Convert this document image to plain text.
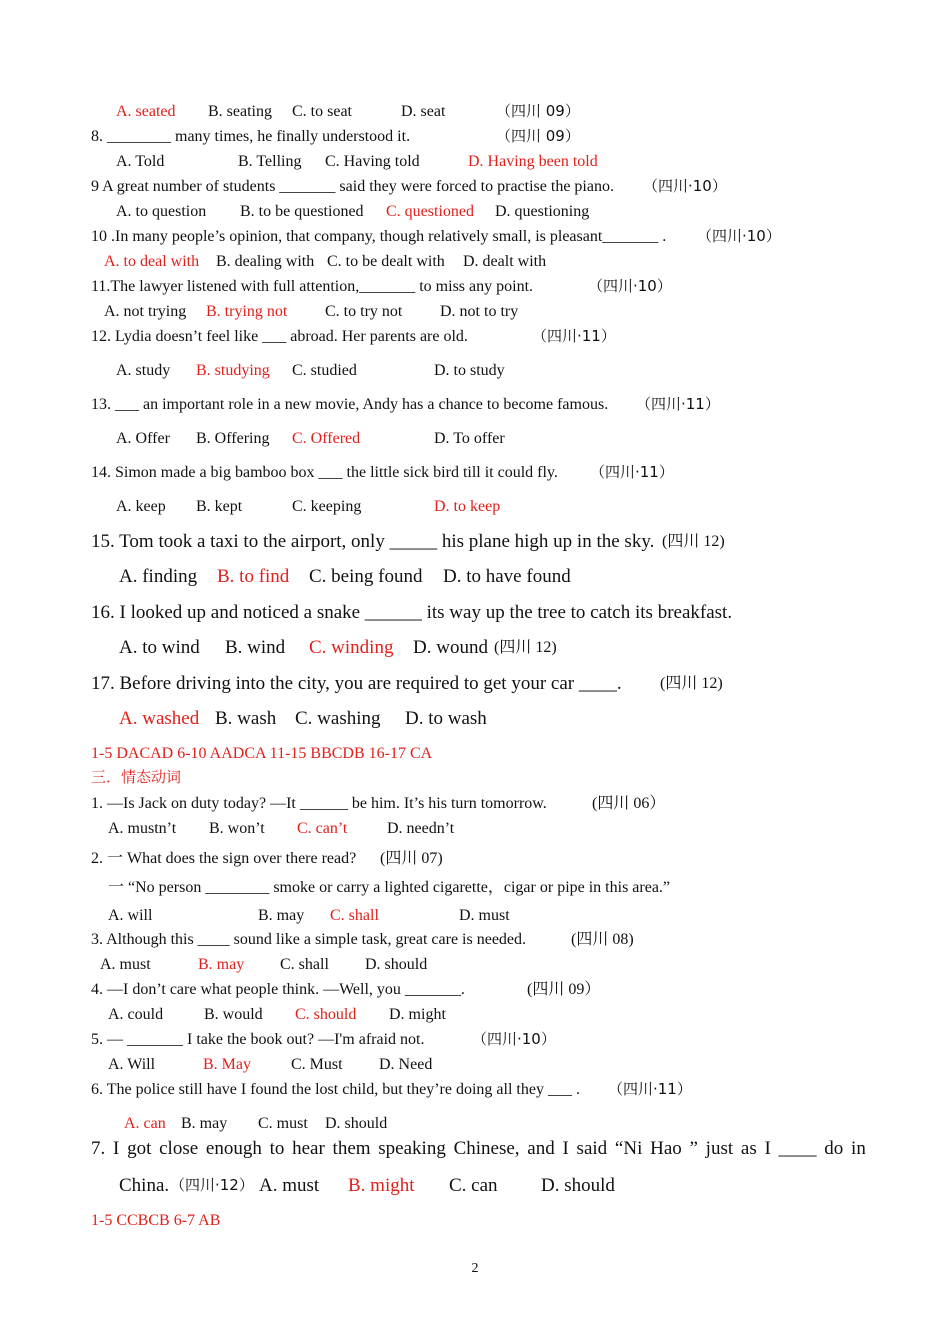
A. seated B. seating C. to seat	D. seat	（四川 09）
8. ________ many times, he finally understood it.	（四川 09）
A. Told	B. Telling C. Having told	D. Having been told
9 A great number of students _______ said they were forced to practise the piano. （四川·10）
A. to question B. to be questioned C. questioned D. questioning
10 .In many people’s opinion, that company, though relatively small, is pleasant_______ . （四川·10）
A. to deal with B. dealing with C. to be dealt with D. dealt with
11.The lawyer listened with full attention,_______ to miss any point.	（四川·10）
A. not trying B. trying not C. to try not D. not to try
12. Lydia doesn’t feel like ___ abroad. Her parents are old.	（四川·11）
A. study B. studying C. studied	D. to study
13. ___ an important role in a new movie, Andy has a chance to become famous. （四川·11）
A. Offer B. Offering C. Offered	D. To offer
14. Simon made a big bamboo box ___ the little sick bird till it could fly. （四川·11）
A. keep B. kept	C. keeping	D. to keep
15. Tom took a taxi to the airport, only _____ his plane high up in the sky. (四川 12)
A. finding B. to find C. being found D. to have found
16. I looked up and noticed a snake ______ its way up the tree to catch its breakfast.
A. to wind B. wind C. winding D. wound (四川 12)
17. Before driving into the city, you are required to get your car ____. (四川 12)
A. washed B. wash C. washing D. to wash
1-5 DACAD 6-10 AADCA 11-15 BBCDB 16-17 CA
三．情态动词
1. —Is Jack on duty today? —It ______ be him. It’s his turn tomorrow.	(四川 06）
A. mustn’t B. won’t C. can’t D. needn’t
2. 一 What does the sign over there read? (四川 07)
一 “No person ________ smoke or carry a lighted cigarette，cigar or pipe in this area.”
A. will	B. may C. shall	D. must
3. Although this ____ sound like a simple task, great care is needed.	(四川 08)
A. must	B. may C. shall D. should
4. —I don’t care what people think. —Well, you _______.	(四川 09）
A. could	B. would C. should D. might
5. — _______ I take the book out? —I'm afraid not.	（四川·10）
A. Will	B. May	C. Must D. Need
6. The police still have I found the lost child, but they’re doing all they ___ . （四川·11）
A. can B. may C. must D. should
7. I got close enough to hear them speaking Chinese, and I said “Ni Hao ” just as I ____ do in
China. （四川·12） A. must B. might C. can D. should
1-5 CCBCB 6-7 AB
2
